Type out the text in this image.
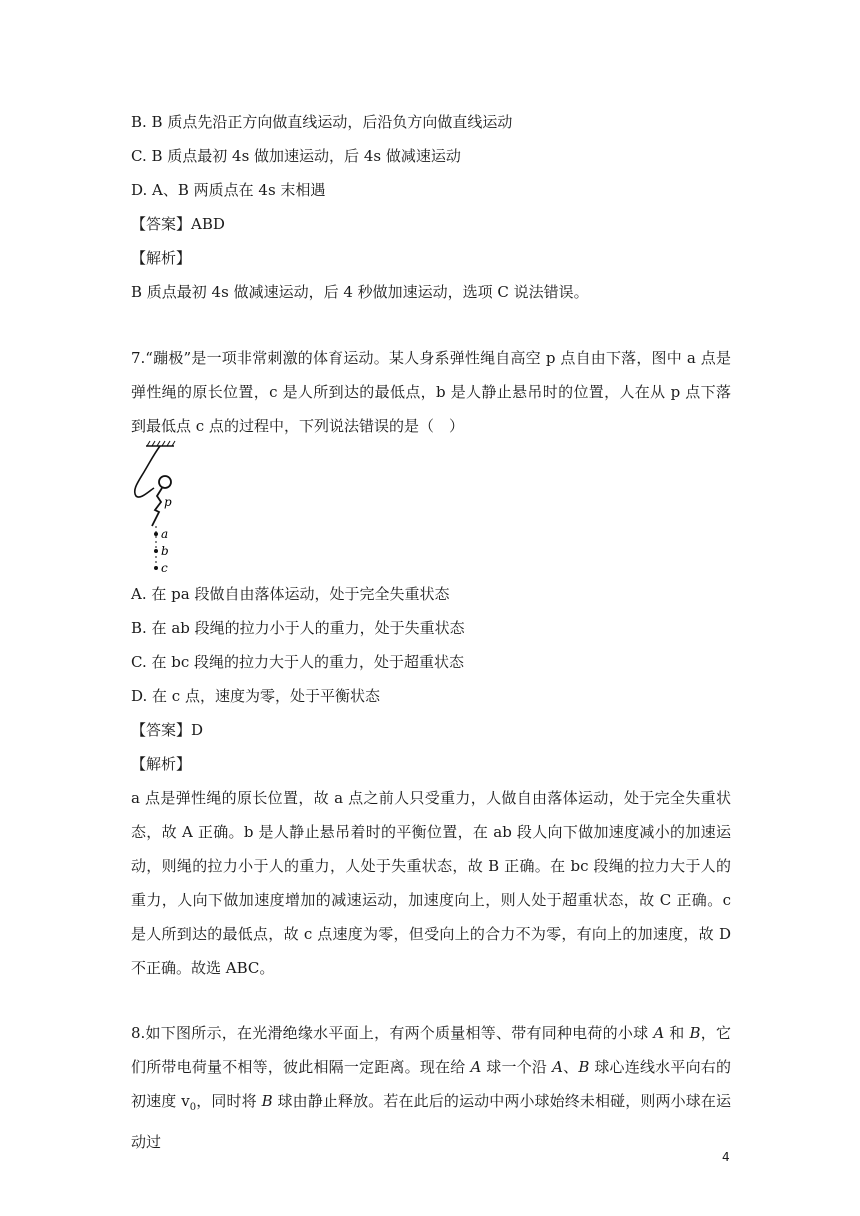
B. B 质点先沿正方向做直线运动，后沿负方向做直线运动
C. B 质点最初 4s 做加速运动，后 4s 做减速运动
D. A、B 两质点在 4s 末相遇
【答案】ABD
【解析】
B 质点最初 4s 做减速运动，后 4 秒做加速运动，选项 C 说法错误。
7.“蹦极”是一项非常刺激的体育运动。某人身系弹性绳自高空 p 点自由下落，图中 a 点是弹性绳的原长位置，c 是人所到达的最低点，b 是人静止悬吊时的位置，人在从 p 点下落到最低点 c 点的过程中，下列说法错误的是（　）
p
a
b
c
A. 在 pa 段做自由落体运动，处于完全失重状态
B. 在 ab 段绳的拉力小于人的重力，处于失重状态
C. 在 bc 段绳的拉力大于人的重力，处于超重状态
D. 在 c 点，速度为零，处于平衡状态
【答案】D
【解析】
a 点是弹性绳的原长位置，故 a 点之前人只受重力，人做自由落体运动，处于完全失重状态，故 A 正确。b 是人静止悬吊着时的平衡位置，在 ab 段人向下做加速度减小的加速运动，则绳的拉力小于人的重力，人处于失重状态，故 B 正确。在 bc 段绳的拉力大于人的重力，人向下做加速度增加的减速运动，加速度向上，则人处于超重状态，故 C 正确。c 是人所到达的最低点，故 c 点速度为零，但受向上的合力不为零，有向上的加速度，故 D 不正确。故选 ABC。
8.如下图所示，在光滑绝缘水平面上，有两个质量相等、带有同种电荷的小球 A 和 B，它们所带电荷量不相等，彼此相隔一定距离。现在给 A 球一个沿 A、B 球心连线水平向右的初速度 $v_0$，同时将 B 球由静止释放。若在此后的运动中两小球始终未相碰，则两小球在运动过
4
